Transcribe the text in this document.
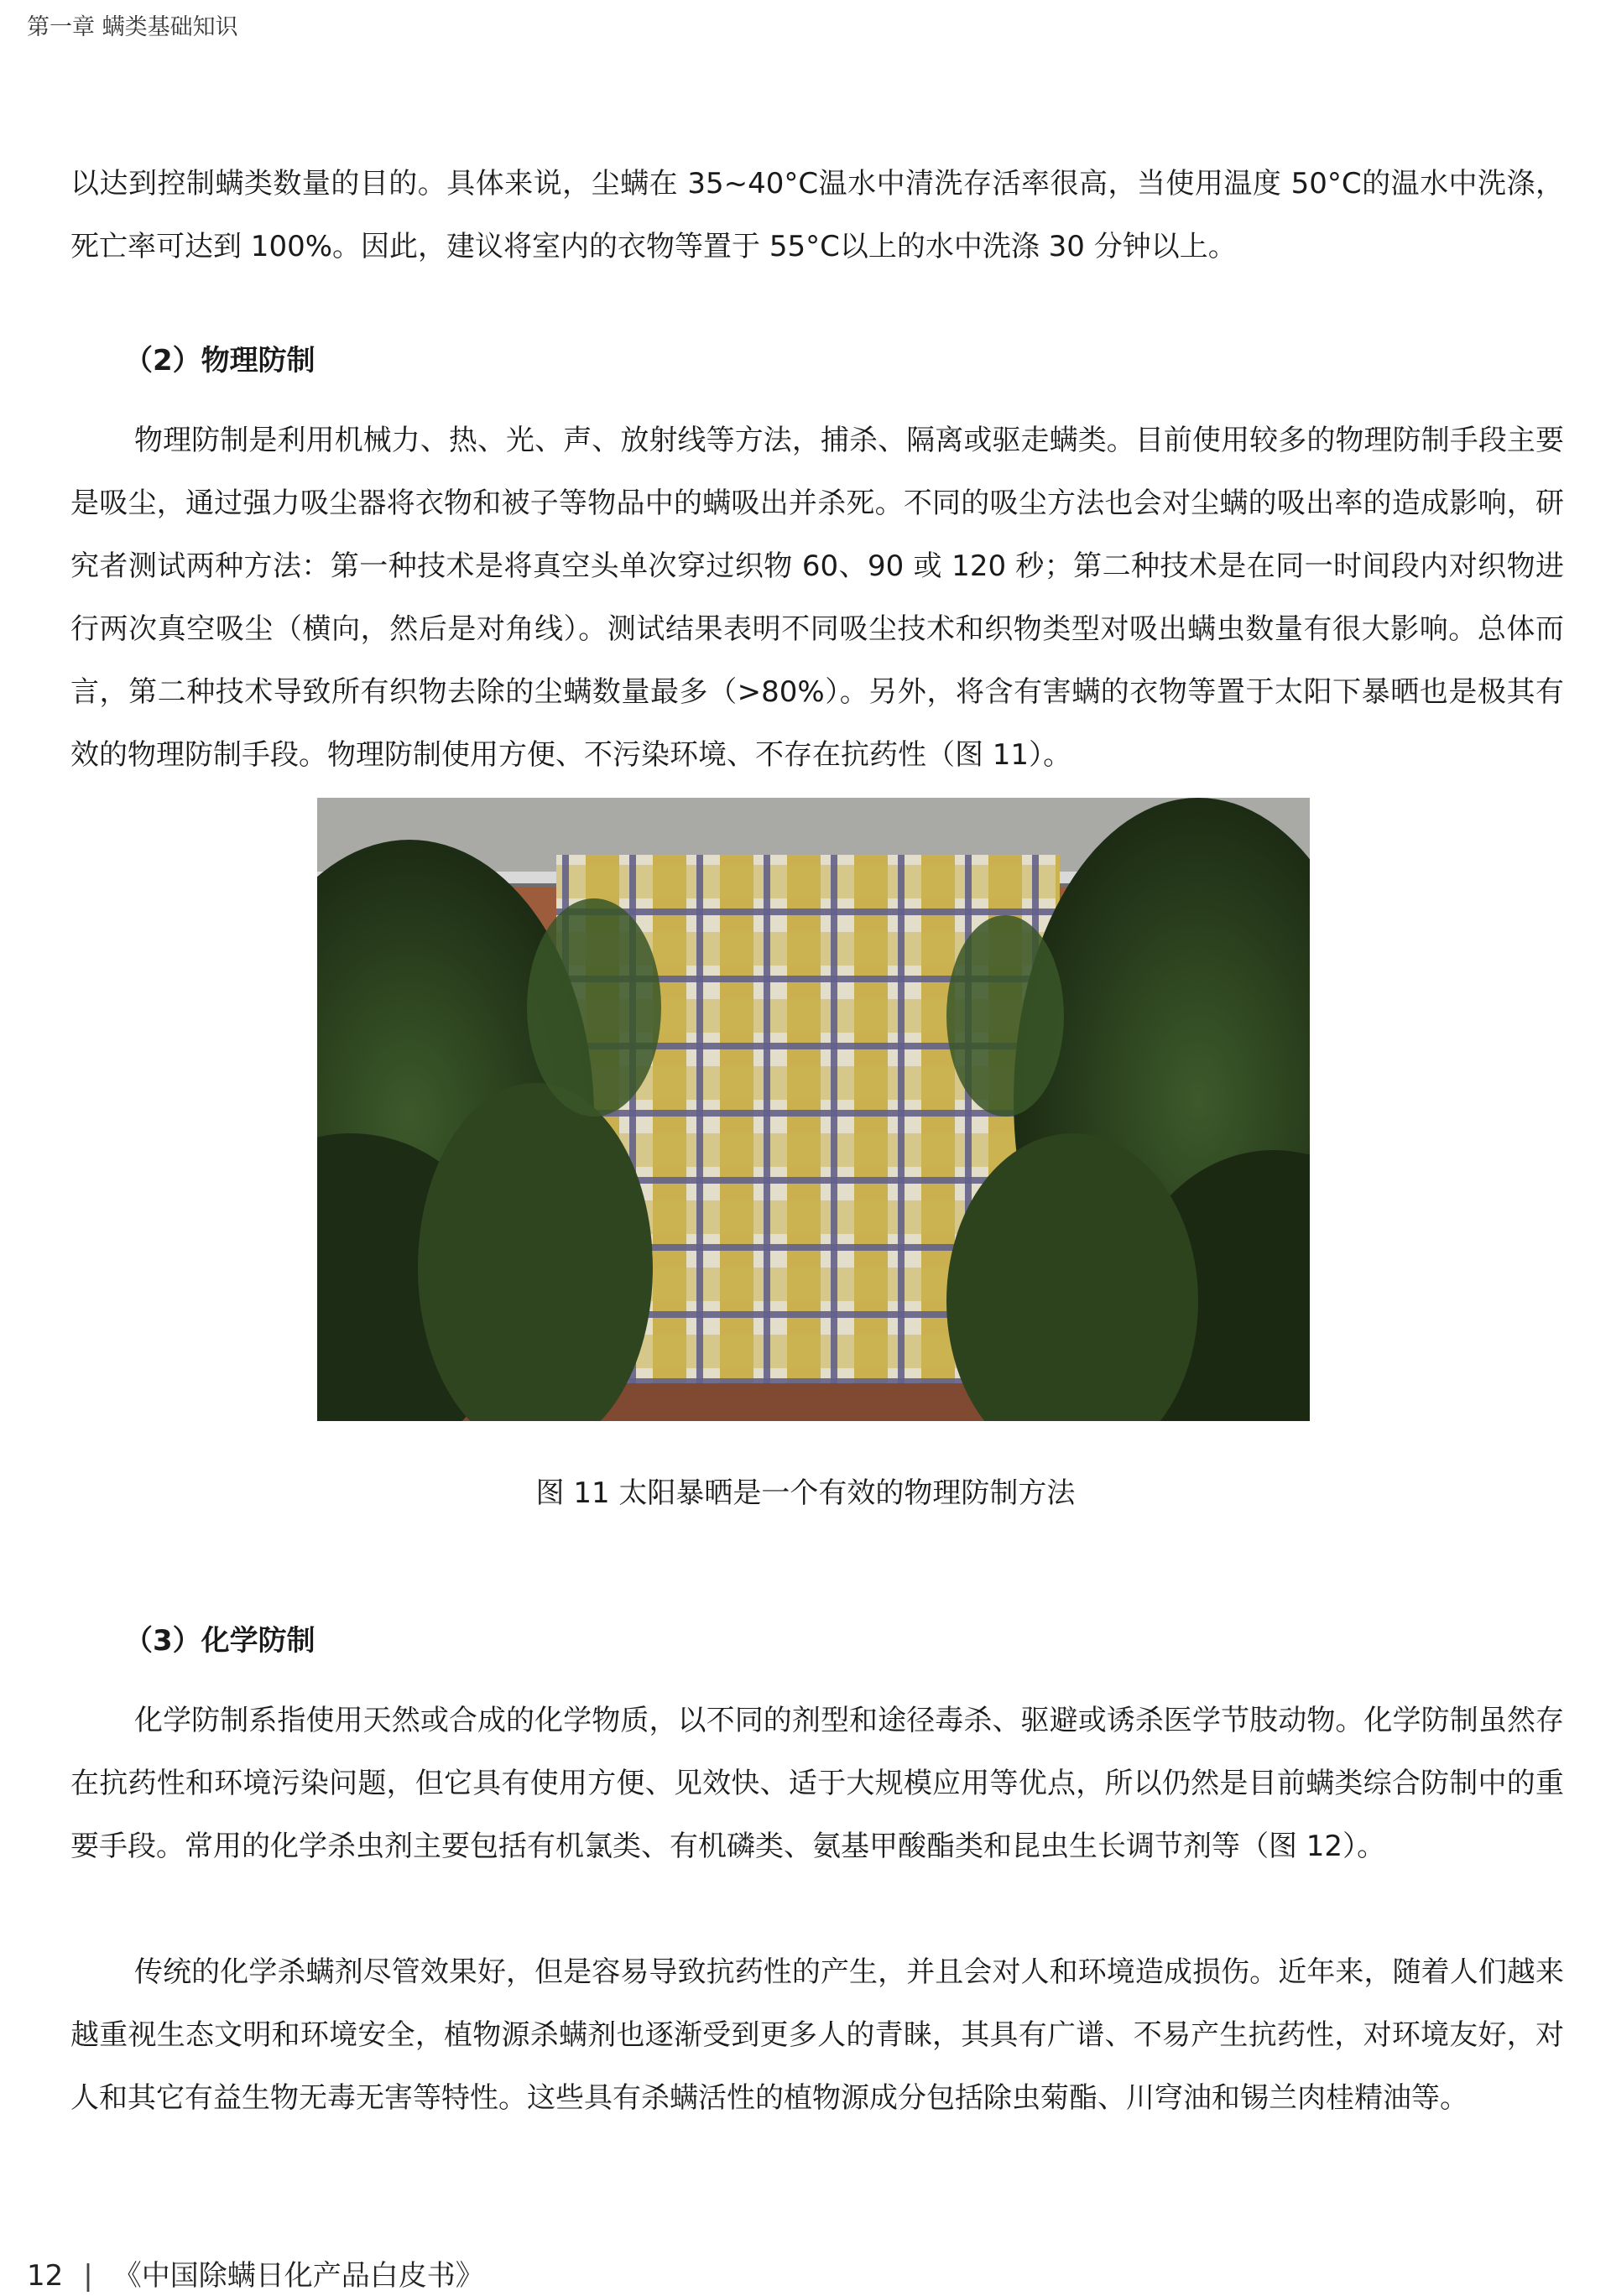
第一章 螨类基础知识

以达到控制螨类数量的目的。具体来说，尘螨在 35~40°C温水中清洗存活率很高，当使用温度 50°C的温水中洗涤，死亡率可达到 100%。因此，建议将室内的衣物等置于 55°C以上的水中洗涤 30 分钟以上。

（2）物理防制

物理防制是利用机械力、热、光、声、放射线等方法，捕杀、隔离或驱走螨类。目前使用较多的物理防制手段主要是吸尘，通过强力吸尘器将衣物和被子等物品中的螨吸出并杀死。不同的吸尘方法也会对尘螨的吸出率的造成影响，研究者测试两种方法：第一种技术是将真空头单次穿过织物 60、90 或 120 秒；第二种技术是在同一时间段内对织物进行两次真空吸尘（横向，然后是对角线）。测试结果表明不同吸尘技术和织物类型对吸出螨虫数量有很大影响。总体而言，第二种技术导致所有织物去除的尘螨数量最多（>80%）。另外，将含有害螨的衣物等置于太阳下暴晒也是极其有效的物理防制手段。物理防制使用方便、不污染环境、不存在抗药性（图 11）。

图 11 太阳暴晒是一个有效的物理防制方法

（3）化学防制

化学防制系指使用天然或合成的化学物质，以不同的剂型和途径毒杀、驱避或诱杀医学节肢动物。化学防制虽然存在抗药性和环境污染问题，但它具有使用方便、见效快、适于大规模应用等优点，所以仍然是目前螨类综合防制中的重要手段。常用的化学杀虫剂主要包括有机氯类、有机磷类、氨基甲酸酯类和昆虫生长调节剂等（图 12）。

传统的化学杀螨剂尽管效果好，但是容易导致抗药性的产生，并且会对人和环境造成损伤。近年来，随着人们越来越重视生态文明和环境安全，植物源杀螨剂也逐渐受到更多人的青睐，其具有广谱、不易产生抗药性，对环境友好，对人和其它有益生物无毒无害等特性。这些具有杀螨活性的植物源成分包括除虫菊酯、川穹油和锡兰肉桂精油等。

12 | 《中国除螨日化产品白皮书》
